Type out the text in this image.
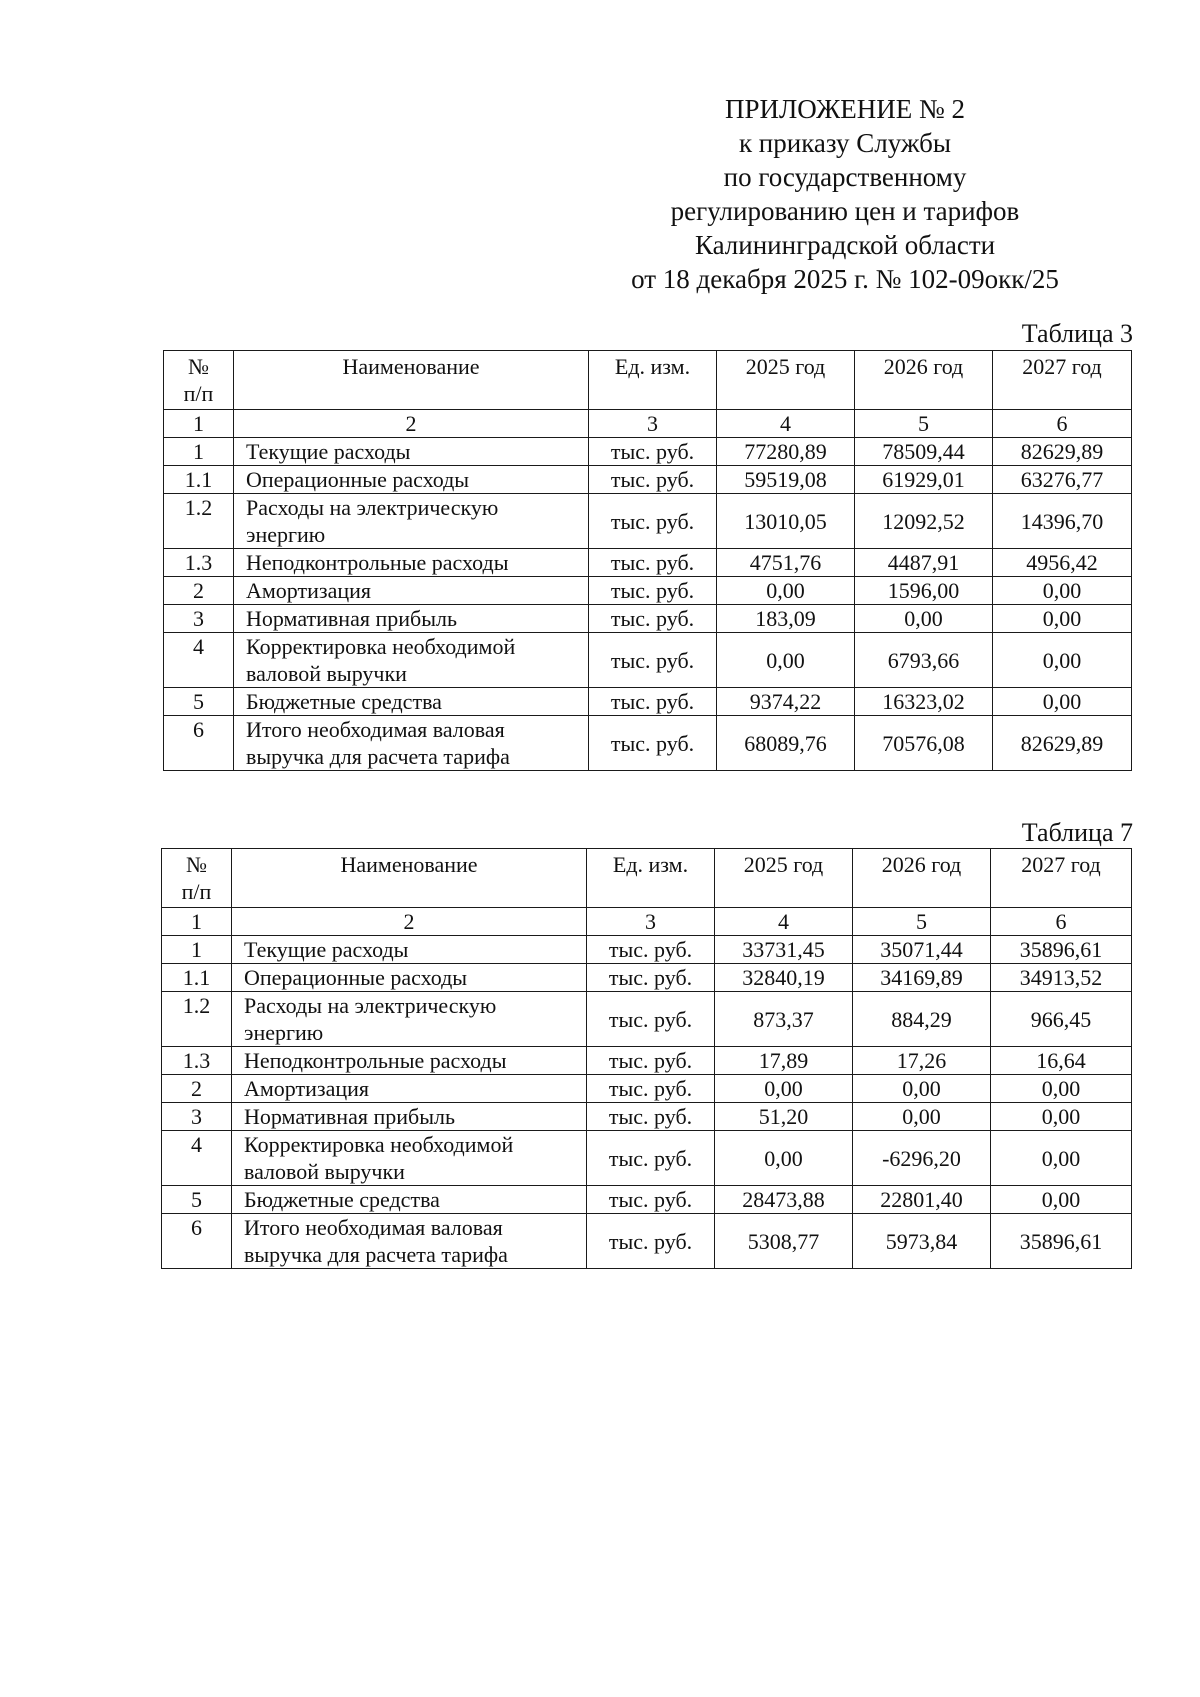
ПРИЛОЖЕНИЕ № 2
к приказу Службы
по государственному
регулированию цен и тарифов
Калининградской области
от 18 декабря 2025 г. № 102-09окк/25
Таблица 3
№
п/п	Наименование	Ед. изм.	2025 год	2026 год	2027 год
1	2	3	4	5	6
1	Текущие расходы	тыс. руб.	77280,89	78509,44	82629,89
1.1	Операционные расходы	тыс. руб.	59519,08	61929,01	63276,77
1.2	Расходы на электрическую энергию	тыс. руб.	13010,05	12092,52	14396,70
1.3	Неподконтрольные расходы	тыс. руб.	4751,76	4487,91	4956,42
2	Амортизация	тыс. руб.	0,00	1596,00	0,00
3	Нормативная прибыль	тыс. руб.	183,09	0,00	0,00
4	Корректировка необходимой валовой выручки	тыс. руб.	0,00	6793,66	0,00
5	Бюджетные средства	тыс. руб.	9374,22	16323,02	0,00
6	Итого необходимая валовая выручка для расчета тарифа	тыс. руб.	68089,76	70576,08	82629,89
Таблица 7
№
п/п	Наименование	Ед. изм.	2025 год	2026 год	2027 год
1	2	3	4	5	6
1	Текущие расходы	тыс. руб.	33731,45	35071,44	35896,61
1.1	Операционные расходы	тыс. руб.	32840,19	34169,89	34913,52
1.2	Расходы на электрическую энергию	тыс. руб.	873,37	884,29	966,45
1.3	Неподконтрольные расходы	тыс. руб.	17,89	17,26	16,64
2	Амортизация	тыс. руб.	0,00	0,00	0,00
3	Нормативная прибыль	тыс. руб.	51,20	0,00	0,00
4	Корректировка необходимой валовой выручки	тыс. руб.	0,00	-6296,20	0,00
5	Бюджетные средства	тыс. руб.	28473,88	22801,40	0,00
6	Итого необходимая валовая выручка для расчета тарифа	тыс. руб.	5308,77	5973,84	35896,61
